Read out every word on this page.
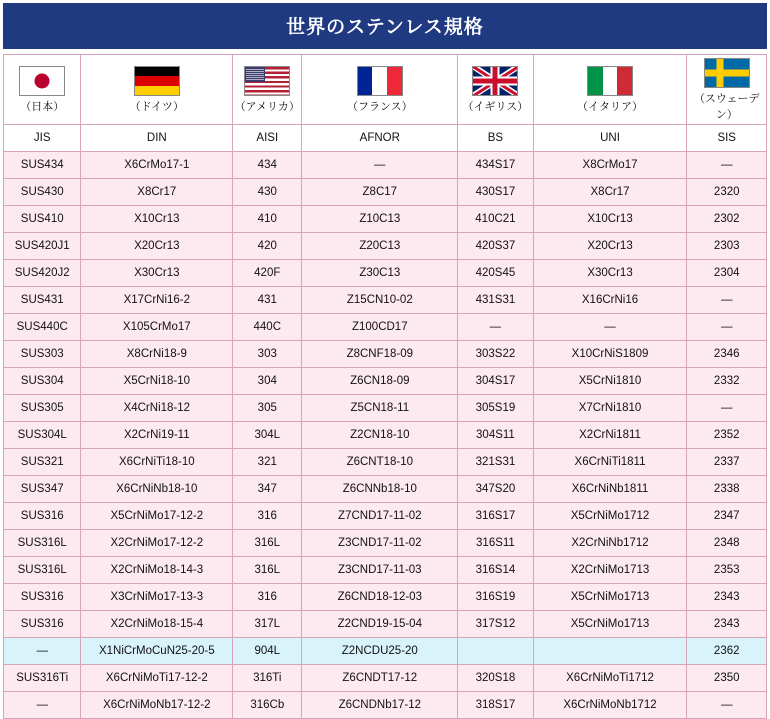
世界のステンレス規格
（日本）	（ドイツ）	（アメリカ）	（フランス）	（イギリス）	（イタリア）	（スウェーデン）

JIS	DIN	AISI	AFNOR	BS	UNI	SIS
SUS434	X6CrMo17-1	434	—	434S17	X8CrMo17	—
SUS430	X8Cr17	430	Z8C17	430S17	X8Cr17	2320
SUS410	X10Cr13	410	Z10C13	410C21	X10Cr13	2302
SUS420J1	X20Cr13	420	Z20C13	420S37	X20Cr13	2303
SUS420J2	X30Cr13	420F	Z30C13	420S45	X30Cr13	2304
SUS431	X17CrNi16-2	431	Z15CN10-02	431S31	X16CrNi16	—
SUS440C	X105CrMo17	440C	Z100CD17	—	—	—
SUS303	X8CrNi18-9	303	Z8CNF18-09	303S22	X10CrNiS1809	2346
SUS304	X5CrNi18-10	304	Z6CN18-09	304S17	X5CrNi1810	2332
SUS305	X4CrNi18-12	305	Z5CN18-11	305S19	X7CrNi1810	—
SUS304L	X2CrNi19-11	304L	Z2CN18-10	304S11	X2CrNi1811	2352
SUS321	X6CrNiTi18-10	321	Z6CNT18-10	321S31	X6CrNiTi1811	2337
SUS347	X6CrNiNb18-10	347	Z6CNNb18-10	347S20	X6CrNiNb1811	2338
SUS316	X5CrNiMo17-12-2	316	Z7CND17-11-02	316S17	X5CrNiMo1712	2347
SUS316L	X2CrNiMo17-12-2	316L	Z3CND17-11-02	316S11	X2CrNiNb1712	2348
SUS316L	X2CrNiMo18-14-3	316L	Z3CND17-11-03	316S14	X2CrNiMo1713	2353
SUS316	X3CrNiMo17-13-3	316	Z6CND18-12-03	316S19	X5CrNiMo1713	2343
SUS316	X2CrNiMo18-15-4	317L	Z2CND19-15-04	317S12	X5CrNiMo1713	2343
—	X1NiCrMoCuN25-20-5	904L	Z2NCDU25-20			2362
SUS316Ti	X6CrNiMoTi17-12-2	316Ti	Z6CNDT17-12	320S18	X6CrNiMoTi1712	2350
—	X6CrNiMoNb17-12-2	316Cb	Z6CNDNb17-12	318S17	X6CrNiMoNb1712	—
